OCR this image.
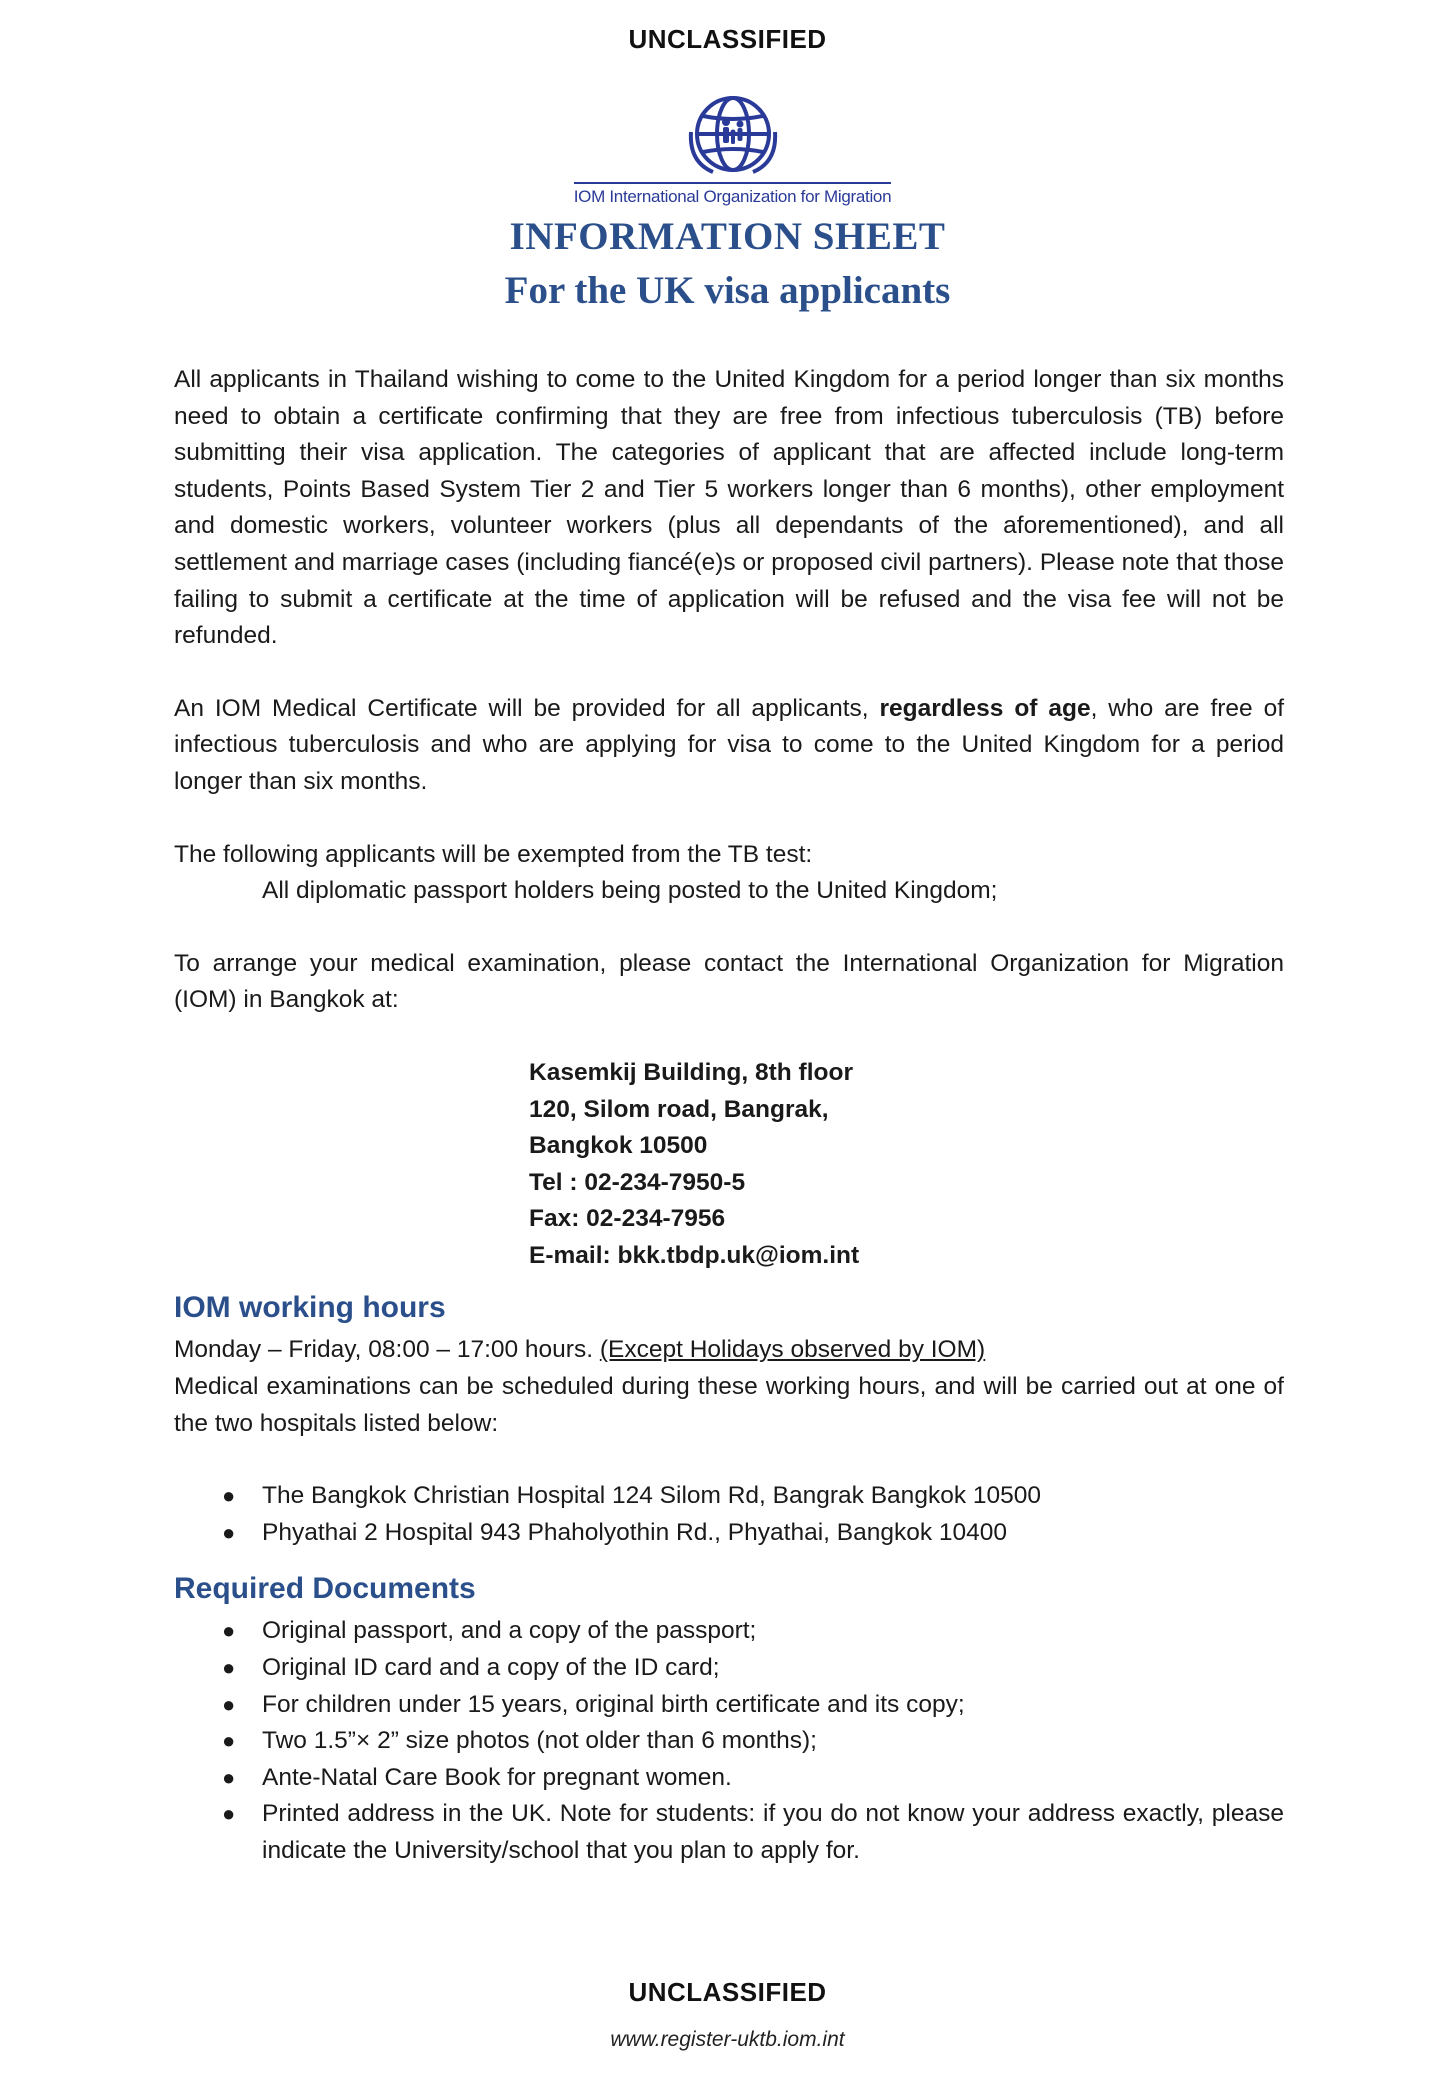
UNCLASSIFIED
IOM International Organization for Migration
INFORMATION SHEET
For the UK visa applicants

All applicants in Thailand wishing to come to the United Kingdom for a period longer than six months need to obtain a certificate confirming that they are free from infectious tuberculosis (TB) before submitting their visa application. The categories of applicant that are affected include long-term students, Points Based System Tier 2 and Tier 5 workers longer than 6 months), other employment and domestic workers, volunteer workers (plus all dependants of the aforementioned), and all settlement and marriage cases (including fiancé(e)s or proposed civil partners). Please note that those failing to submit a certificate at the time of application will be refused and the visa fee will not be refunded.

An IOM Medical Certificate will be provided for all applicants, regardless of age, who are free of infectious tuberculosis and who are applying for visa to come to the United Kingdom for a period longer than six months.

The following applicants will be exempted from the TB test:

All diplomatic passport holders being posted to the United Kingdom;

To arrange your medical examination, please contact the International Organization for Migration (IOM) in Bangkok at:

Kasemkij Building, 8th floor
120, Silom road, Bangrak,
Bangkok 10500
Tel : 02-234-7950-5
Fax: 02-234-7956
E-mail: bkk.tbdp.uk@iom.int
IOM working hours

Monday – Friday, 08:00 – 17:00 hours. (Except Holidays observed by IOM)

Medical examinations can be scheduled during these working hours, and will be carried out at one of the two hospitals listed below:

● The Bangkok Christian Hospital 124 Silom Rd, Bangrak Bangkok 10500
● Phyathai 2 Hospital 943 Phaholyothin Rd., Phyathai, Bangkok 10400
Required Documents
● Original passport, and a copy of the passport;
● Original ID card and a copy of the ID card;
● For children under 15 years, original birth certificate and its copy;
● Two 1.5”× 2” size photos (not older than 6 months);
● Ante-Natal Care Book for pregnant women.
● Printed address in the UK. Note for students: if you do not know your address exactly, please indicate the University/school that you plan to apply for.
UNCLASSIFIED
www.register-uktb.iom.int
